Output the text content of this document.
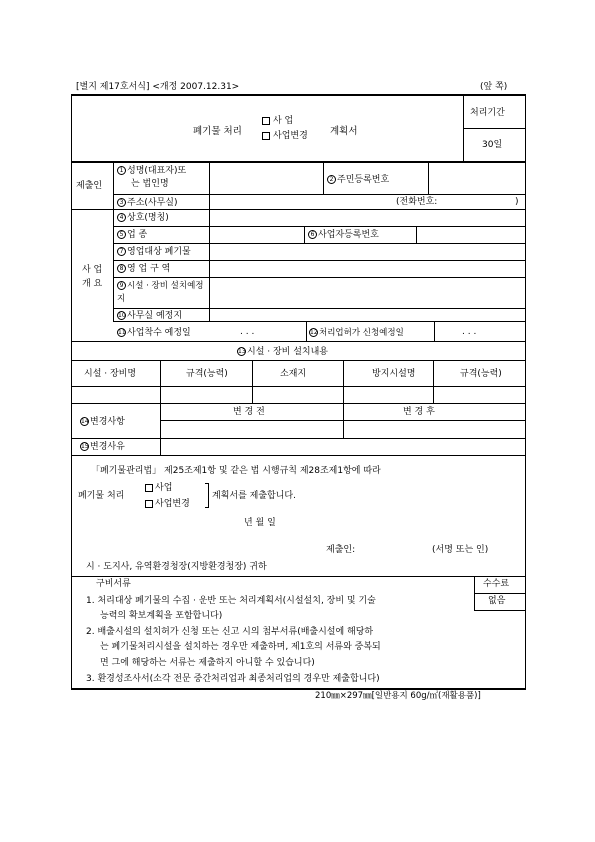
[별지 제17호서식] <개정 2007.12.31>	(앞 쪽)
폐기물 처리
사 업
사업변경 계획서
처리기간
30일
제출인
1 성명(대표자)또
는 법인명	2 주민등록번호
3 주소(사무실)	(전화번호:	)
사 업
개 요
4 상호(명칭)
5 업 종	6 사업자등록번호
7 영업대상 폐기물
8 영 업 구 역
9 시설 · 장비 설치예정
지
10사무실 예정지
11사업착수 예정일	. . .	12처리업허가 신청예정일	. . .
13시설 · 장비 설치내용
시설 · 장비명	규격(능력)	소재지	방지시설명	규격(능력)
14변경사항
변 경 전	변 경 후
15변경사유
「폐기물관리법」 제25조제1항 및 같은 법 시행규칙 제28조제1항에 따라
폐기물 처리
사업
사업변경
계획서를 제출합니다.
년 월 일
제출인:	(서명 또는 인)
시 · 도지사, 유역환경청장(지방환경청장) 귀하
구비서류	수수료
없음
1. 처리대상 폐기물의 수집 · 운반 또는 처리계획서(시설설치, 장비 및 기술
능력의 확보계획을 포함합니다)
2. 배출시설의 설치허가 신청 또는 신고 시의 첨부서류(배출시설에 해당하
는 폐기물처리시설을 설치하는 경우만 제출하며, 제1호의 서류와 중복되
면 그에 해당하는 서류는 제출하지 아니할 수 있습니다)
3. 환경성조사서(소각 전문 중간처리업과 최종처리업의 경우만 제출합니다)
210㎜×297㎜[일반용지 60g/㎡(재활용품)]
